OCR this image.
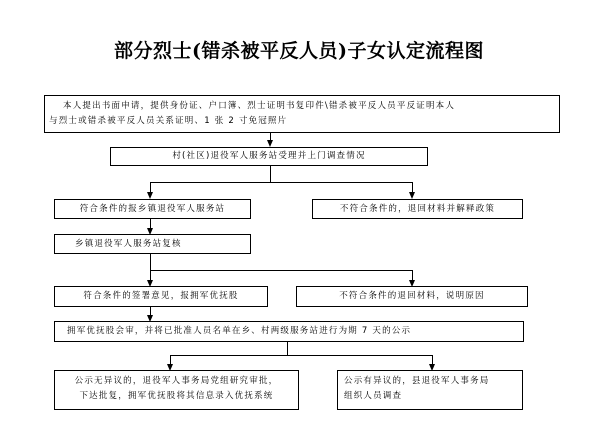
部分烈士(错杀被平反人员)子女认定流程图
本人提出书面申请，提供身份证、户口簿、烈士证明书复印件\错杀被平反人员平反证明本人
与烈士或错杀被平反人员关系证明、1 张 2 寸免冠照片
村(社区)退役军人服务站受理并上门调查情况
符合条件的报乡镇退役军人服务站	不符合条件的，退回材料并解释政策
乡镇退役军人服务站复核
符合条件的签署意见，报拥军优抚股	不符合条件的退回材料，说明原因
拥军优抚股会审，并将已批准人员名单在乡、村两级服务站进行为期 7 天的公示
公示无异议的，退役军人事务局党组研究审批，
下达批复，拥军优抚股将其信息录入优抚系统
公示有异议的，县退役军人事务局
组织人员调查
